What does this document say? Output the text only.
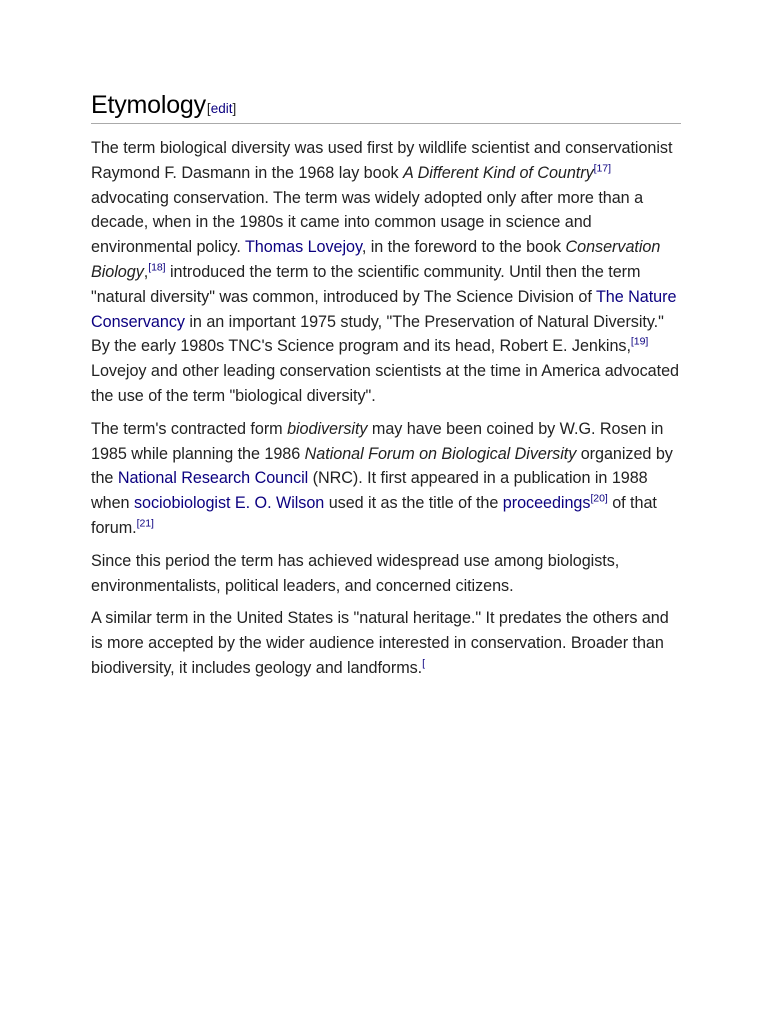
Etymology [edit]

The term biological diversity was used first by wildlife scientist and conservationist Raymond F. Dasmann in the 1968 lay book A Different Kind of Country[17] advocating conservation. The term was widely adopted only after more than a decade, when in the 1980s it came into common usage in science and environmental policy. Thomas Lovejoy, in the foreword to the book Conservation Biology,[18] introduced the term to the scientific community. Until then the term "natural diversity" was common, introduced by The Science Division of The Nature Conservancy in an important 1975 study, "The Preservation of Natural Diversity." By the early 1980s TNC's Science program and its head, Robert E. Jenkins,[19] Lovejoy and other leading conservation scientists at the time in America advocated the use of the term "biological diversity".

The term's contracted form biodiversity may have been coined by W.G. Rosen in 1985 while planning the 1986 National Forum on Biological Diversity organized by the National Research Council (NRC). It first appeared in a publication in 1988 when sociobiologist E. O. Wilson used it as the title of the proceedings[20] of that forum.[21]

Since this period the term has achieved widespread use among biologists, environmentalists, political leaders, and concerned citizens.

A similar term in the United States is "natural heritage." It predates the others and is more accepted by the wider audience interested in conservation. Broader than biodiversity, it includes geology and landforms.[
